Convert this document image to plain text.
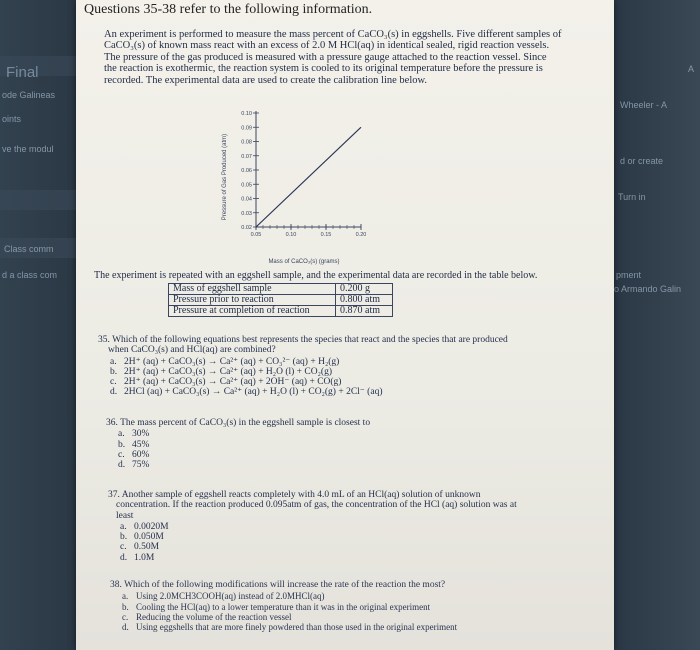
Final
ode Galineas
oints
ve the modul
Class comm
d a class com
A
Wheeler - A
d or create
Turn in
pment
o Armando Galin
Questions 35-38 refer to the following information.
An experiment is performed to measure the mass percent of CaCO₃(s) in eggshells. Five different samples of
CaCO₃(s) of known mass react with an excess of 2.0 M HCl(aq) in identical sealed, rigid reaction vessels.
The pressure of the gas produced is measured with a pressure gauge attached to the reaction vessel. Since
the reaction is exothermic, the reaction system is cooled to its original temperature before the pressure is
recorded. The experimental data are used to create the calibration line below.
0.02
0.03
0.04
0.05
0.06
0.07
0.08
0.09
0.10
0.05	0.10	0.15	0.20
Pressure of Gas Produced (atm)
Mass of CaCO₃(s) (grams)
The experiment is repeated with an eggshell sample, and the experimental data are recorded in the table below.
Mass of eggshell sample	0.200 g
Pressure prior to reaction	0.800 atm
Pressure at completion of reaction	0.870 atm
35. Which of the following equations best represents the species that react and the species that are produced
when CaCO₃(s) and HCl(aq) are combined?
a. 2H⁺ (aq) + CaCO₃(s) → Ca²⁺ (aq) + CO₃²⁻ (aq) + H₂(g)
b. 2H⁺ (aq) + CaCO₃(s) → Ca²⁺ (aq) + H₂O (l) + CO₂(g)
c. 2H⁺ (aq) + CaCO₃(s) → Ca²⁺ (aq) + 2OH⁻ (aq) + CO(g)
d. 2HCl (aq) + CaCO₃(s) → Ca²⁺ (aq) + H₂O (l) + CO₂(g) + 2Cl⁻ (aq)
36. The mass percent of CaCO₃(s) in the eggshell sample is closest to
a. 30%
b. 45%
c. 60%
d. 75%
37. Another sample of eggshell reacts completely with 4.0 mL of an HCl(aq) solution of unknown
concentration. If the reaction produced 0.095atm of gas, the concentration of the HCl (aq) solution was at
least
a. 0.0020M
b. 0.050M
c. 0.50M
d. 1.0M
38. Which of the following modifications will increase the rate of the reaction the most?
a. Using 2.0MCH3COOH(aq) instead of 2.0MHCl(aq)
b. Cooling the HCl(aq) to a lower temperature than it was in the original experiment
c. Reducing the volume of the reaction vessel
d. Using eggshells that are more finely powdered than those used in the original experiment
